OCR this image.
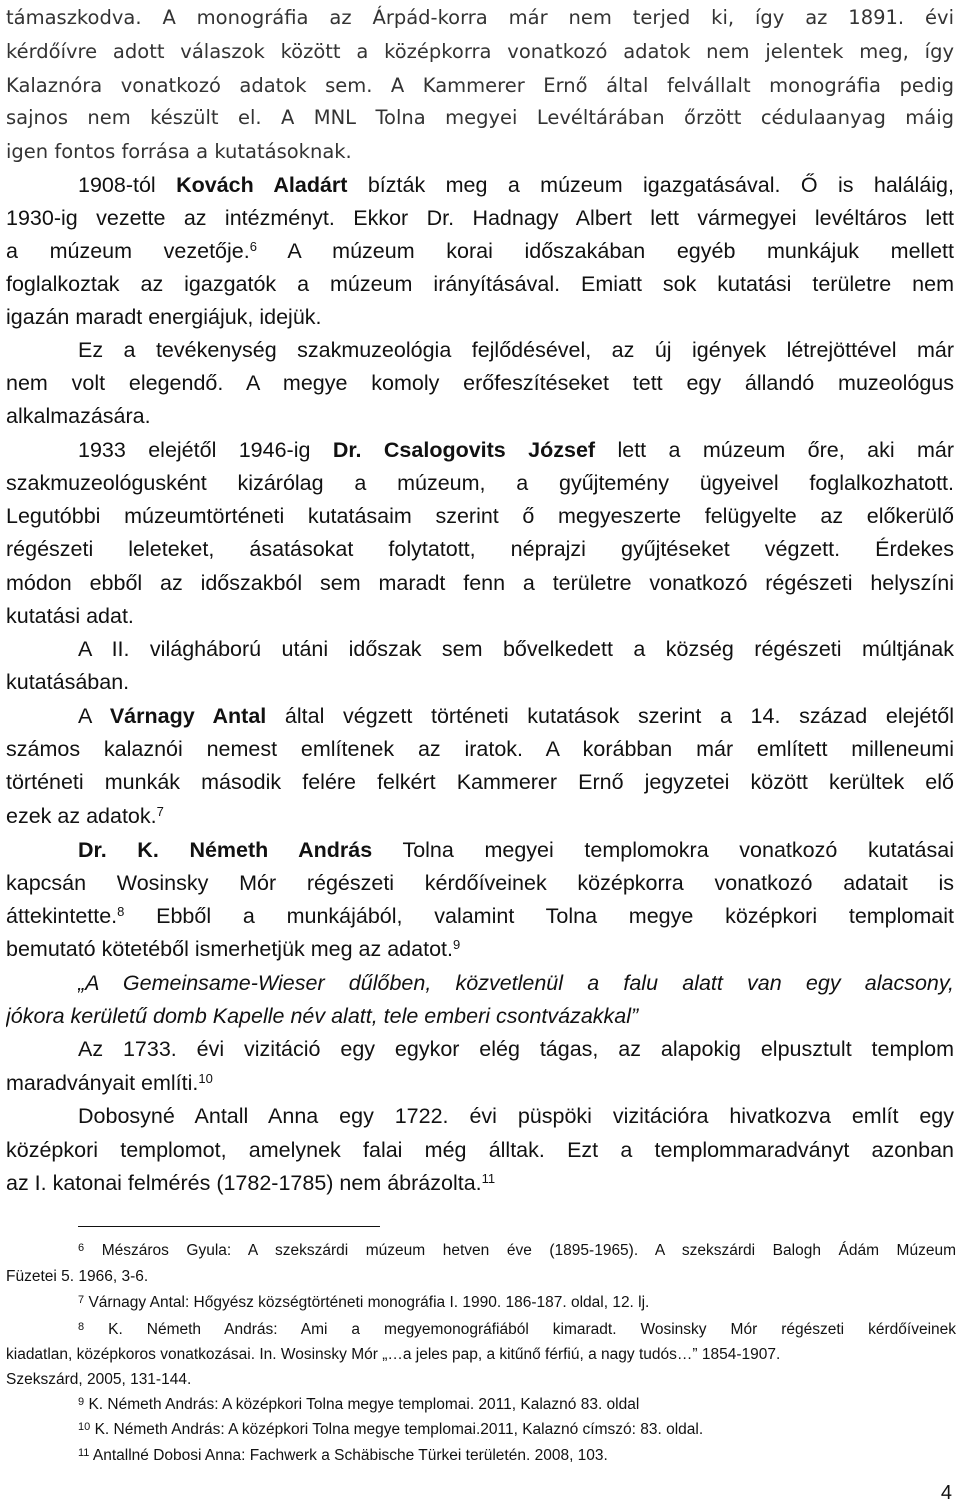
támaszkodva. A monográfia az Árpád-korra már nem terjed ki, így az 1891. évi
kérdőívre adott válaszok között a középkorra vonatkozó adatok nem jelentek meg, így
Kalaznóra vonatkozó adatok sem. A Kammerer Ernő által felvállalt monográfia pedig
sajnos nem készült el. A MNL Tolna megyei Levéltárában őrzött cédulaanyag máig
igen fontos forrása a kutatásoknak.
1908-tól Kovách Aladárt bízták meg a múzeum igazgatásával. Ő is haláláig,
1930-ig vezette az intézményt. Ekkor Dr. Hadnagy Albert lett vármegyei levéltáros lett
a múzeum vezetője.$^6$ A múzeum korai időszakában egyéb munkájuk mellett
foglalkoztak az igazgatók a múzeum irányításával. Emiatt sok kutatási területre nem
igazán maradt energiájuk, idejük.
Ez a tevékenység szakmuzeológia fejlődésével, az új igények létrejöttével már
nem volt elegendő. A megye komoly erőfeszítéseket tett egy állandó muzeológus
alkalmazására.
1933 elejétől 1946-ig Dr. Csalogovits József lett a múzeum őre, aki már
szakmuzeológusként kizárólag a múzeum, a gyűjtemény ügyeivel foglalkozhatott.
Legutóbbi múzeumtörténeti kutatásaim szerint ő megyeszerte felügyelte az előkerülő
régészeti leleteket, ásatásokat folytatott, néprajzi gyűjtéseket végzett. Érdekes
módon ebből az időszakból sem maradt fenn a területre vonatkozó régészeti helyszíni
kutatási adat.
A II. világháború utáni időszak sem bővelkedett a község régészeti múltjának
kutatásában.
A Várnagy Antal által végzett történeti kutatások szerint a 14. század elejétől
számos kalaznói nemest említenek az iratok. A korábban már említett milleneumi
történeti munkák második felére felkért Kammerer Ernő jegyzetei között kerültek elő
ezek az adatok.$^7$
Dr. K. Németh András Tolna megyei templomokra vonatkozó kutatásai
kapcsán Wosinsky Mór régészeti kérdőíveinek középkorra vonatkozó adatait is
áttekintette.$^8$ Ebből a munkájából, valamint Tolna megye középkori templomait
bemutató kötetéből ismerhetjük meg az adatot.$^9$
„A Gemeinsame-Wieser dűlőben, közvetlenül a falu alatt van egy alacsony,
jókora kerületű domb Kapelle név alatt, tele emberi csontvázakkal”
Az 1733. évi vizitáció egy egykor elég tágas, az alapokig elpusztult templom
maradványait említi.$^{10}$
Dobosyné Antall Anna egy 1722. évi püspöki vizitációra hivatkozva említ egy
középkori templomot, amelynek falai még álltak. Ezt a templommaradványt azonban
az I. katonai felmérés (1782-1785) nem ábrázolta.$^{11}$
$^6$ Mészáros Gyula: A szekszárdi múzeum hetven éve (1895-1965). A szekszárdi Balogh Ádám Múzeum
Füzetei 5. 1966, 3-6.
$^7$ Várnagy Antal: Hőgyész községtörténeti monográfia I. 1990. 186-187. oldal, 12. lj.
$^8$ K. Németh András: Ami a megyemonográfiából kimaradt. Wosinsky Mór régészeti kérdőíveinek
kiadatlan, középkoros vonatkozásai. In. Wosinsky Mór „…a jeles pap, a kitűnő férfiú, a nagy tudós…” 1854-1907.
Szekszárd, 2005, 131-144.
$^9$ K. Németh András: A középkori Tolna megye templomai. 2011, Kalaznó 83. oldal
$^{10}$ K. Németh András: A középkori Tolna megye templomai.2011, Kalaznó címszó: 83. oldal.
$^{11}$ Antallné Dobosi Anna: Fachwerk a Schäbische Türkei területén. 2008, 103.
4
